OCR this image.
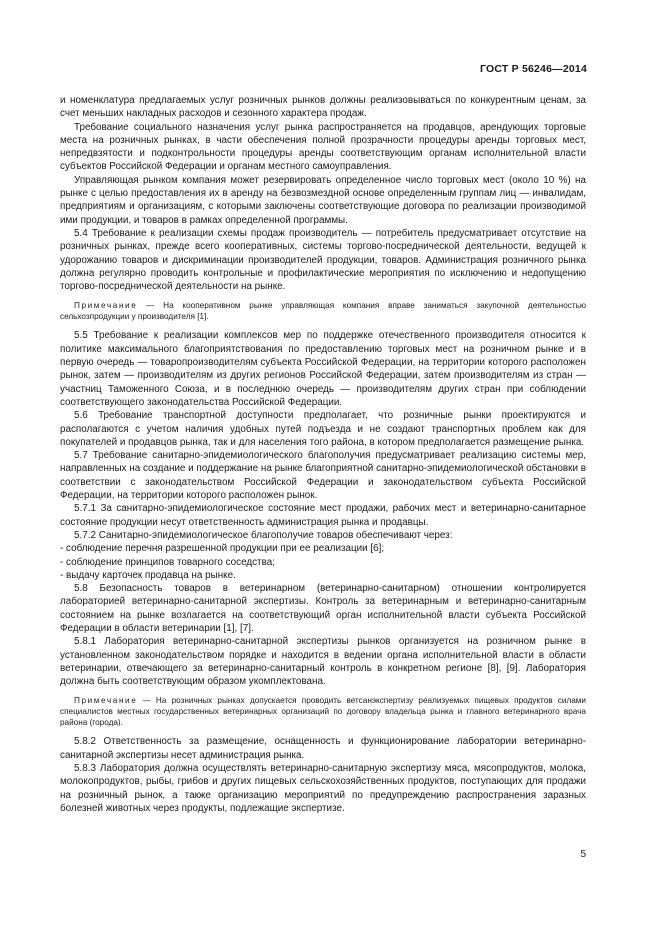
ГОСТ Р 56246—2014

и номенклатура предлагаемых услуг розничных рынков должны реализовываться по конкурентным ценам, за счет меньших накладных расходов и сезонного характера продаж.

Требование социального назначения услуг рынка распространяется на продавцов, арендующих торговые места на розничных рынках, в части обеспечения полной прозрачности процедуры аренды торговых мест, непредвзятости и подконтрольности процедуры аренды соответствующим органам исполнительной власти субъектов Российской Федерации и органам местного самоуправления.

Управляющая рынком компания может резервировать определенное число торговых мест (около 10 %) на рынке с целью предоставления их в аренду на безвозмездной основе определенным группам лиц — инвалидам, предприятиям и организациям, с которыми заключены соответствующие договора по реализации производимой ими продукции, и товаров в рамках определенной программы.

5.4 Требование к реализации схемы продаж производитель — потребитель предусматривает отсутствие на розничных рынках, прежде всего кооперативных, системы торгово-посреднической деятельности, ведущей к удорожанию товаров и дискриминации производителей продукции, товаров. Администрация розничного рынка должна регулярно проводить контрольные и профилактические мероприятия по исключению и недопущению торгово-посреднической деятельности на рынке.

Примечание — На кооперативном рынке управляющая компания вправе заниматься закупочной деятельностью сельхозпродукции у производителя [1].

5.5 Требование к реализации комплексов мер по поддержке отечественного производителя относится к политике максимального благоприятствования по предоставлению торговых мест на розничном рынке и в первую очередь — товаропроизводителям субъекта Российской Федерации, на территории которого расположен рынок, затем — производителям из других регионов Российской Федерации, затем производителям из стран — участниц Таможенного Союза, и в последнюю очередь — производителям других стран при соблюдении соответствующего законодательства Российской Федерации.

5.6 Требование транспортной доступности предполагает, что розничные рынки проектируются и располагаются с учетом наличия удобных путей подъезда и не создают транспортных проблем как для покупателей и продавцов рынка, так и для населения того района, в котором предполагается размещение рынка.

5.7 Требование санитарно-эпидемиологического благополучия предусматривает реализацию системы мер, направленных на создание и поддержание на рынке благоприятной санитарно-эпидемиологической обстановки в соответствии с законодательством Российской Федерации и законодательством субъекта Российской Федерации, на территории которого расположен рынок.

5.7.1 За санитарно-эпидемиологическое состояние мест продажи, рабочих мест и ветеринарно-санитарное состояние продукции несут ответственность администрация рынка и продавцы.

5.7.2 Санитарно-эпидемиологическое благополучие товаров обеспечивают через:

- соблюдение перечня разрешенной продукции при ее реализации [6];

- соблюдение принципов товарного соседства;

- выдачу карточек продавца на рынке.

5.8 Безопасность товаров в ветеринарном (ветеринарно-санитарном) отношении контролируется лабораторией ветеринарно-санитарной экспертизы. Контроль за ветеринарным и ветеринарно-санитарным состоянием на рынке возлагается на соответствующий орган исполнительной власти субъекта Российской Федерации в области ветеринарии [1], [7].

5.8.1 Лаборатория ветеринарно-санитарной экспертизы рынков организуется на розничном рынке в установленном законодательством порядке и находится в ведении органа исполнительной власти в области ветеринарии, отвечающего за ветеринарно-санитарный контроль в конкретном регионе [8], [9]. Лаборатория должна быть соответствующим образом укомплектована.

Примечание — На розничных рынках допускается проводить ветсанэкспертизу реализуемых пищевых продуктов силами специалистов местных государственных ветеринарных организаций по договору владельца рынка и главного ветеринарного врача района (города).

5.8.2 Ответственность за размещение, оснащенность и функционирование лаборатории ветеринарно-санитарной экспертизы несет администрация рынка.

5.8.3 Лаборатория должна осуществлять ветеринарно-санитарную экспертизу мяса, мясопродуктов, молока, молокопродуктов, рыбы, грибов и других пищевых сельскохозяйственных продуктов, поступающих для продажи на розничный рынок, а также организацию мероприятий по предупреждению распространения заразных болезней животных через продукты, подлежащие экспертизе.

5
